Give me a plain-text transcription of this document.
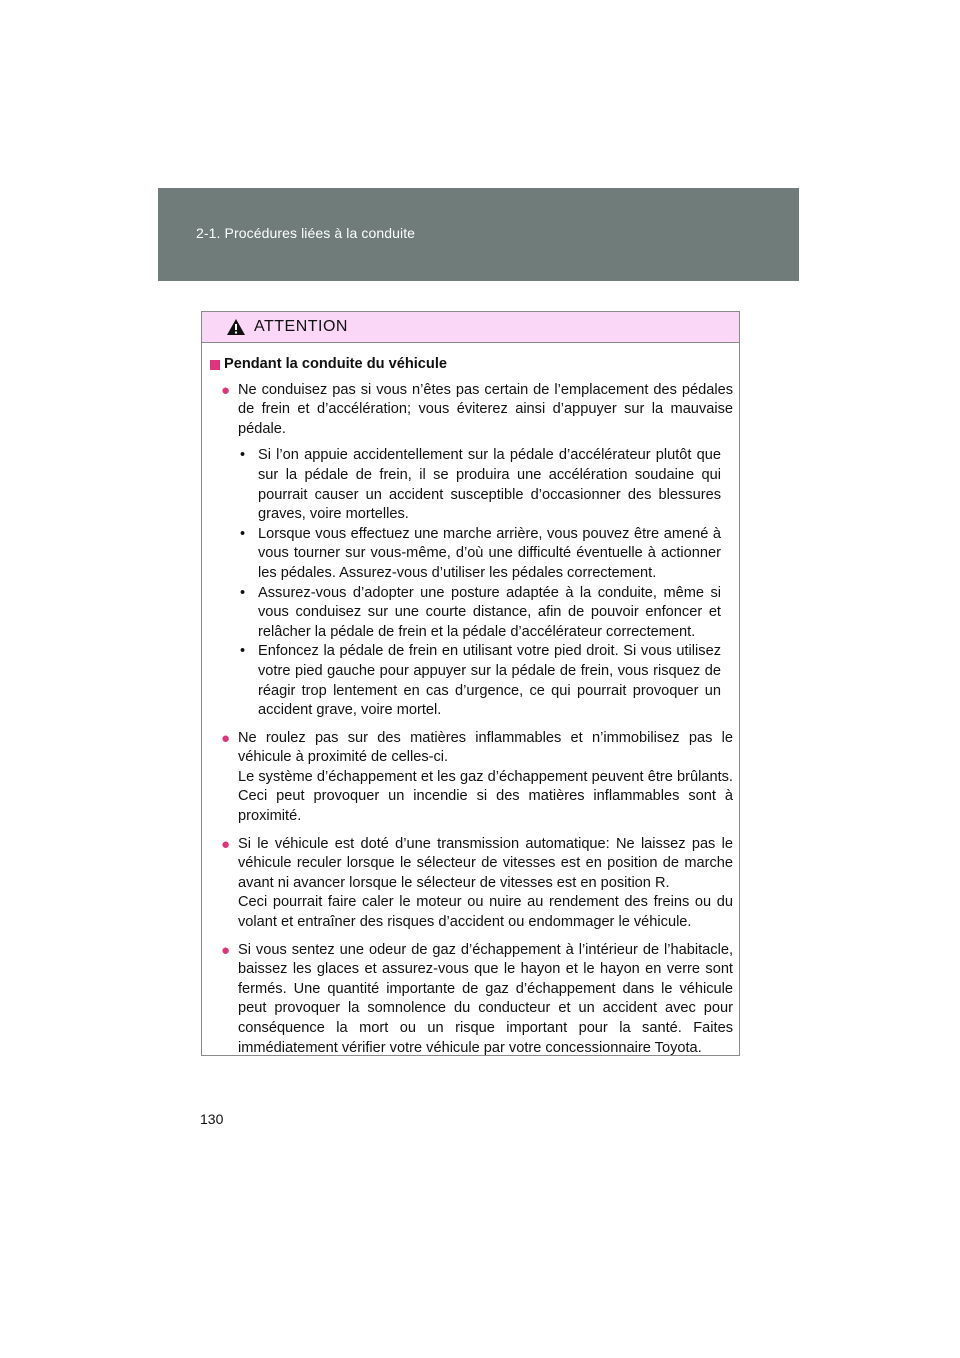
2-1. Procédures liées à la conduite
ATTENTION
Pendant la conduite du véhicule
● Ne conduisez pas si vous n’êtes pas certain de l’emplacement des pédales de frein et d’accélération; vous éviterez ainsi d’appuyer sur la mauvaise pédale.
• Si l’on appuie accidentellement sur la pédale d’accélérateur plutôt que sur la pédale de frein, il se produira une accélération soudaine qui pourrait causer un accident susceptible d’occasionner des blessures graves, voire mortelles.
• Lorsque vous effectuez une marche arrière, vous pouvez être amené à vous tourner sur vous-même, d’où une difficulté éventuelle à actionner les pédales. Assurez-vous d’utiliser les pédales correctement.
• Assurez-vous d’adopter une posture adaptée à la conduite, même si vous conduisez sur une courte distance, afin de pouvoir enfoncer et relâcher la pédale de frein et la pédale d’accélérateur correctement.
• Enfoncez la pédale de frein en utilisant votre pied droit. Si vous utilisez votre pied gauche pour appuyer sur la pédale de frein, vous risquez de réagir trop lentement en cas d’urgence, ce qui pourrait provoquer un accident grave, voire mortel.
● Ne roulez pas sur des matières inflammables et n’immobilisez pas le véhicule à proximité de celles-ci.
Le système d’échappement et les gaz d’échappement peuvent être brûlants. Ceci peut provoquer un incendie si des matières inflammables sont à proximité.
● Si le véhicule est doté d’une transmission automatique: Ne laissez pas le véhicule reculer lorsque le sélecteur de vitesses est en position de marche avant ni avancer lorsque le sélecteur de vitesses est en position R.
Ceci pourrait faire caler le moteur ou nuire au rendement des freins ou du volant et entraîner des risques d’accident ou endommager le véhicule.
● Si vous sentez une odeur de gaz d’échappement à l’intérieur de l’habitacle, baissez les glaces et assurez-vous que le hayon et le hayon en verre sont fermés. Une quantité importante de gaz d’échappement dans le véhicule peut provoquer la somnolence du conducteur et un accident avec pour conséquence la mort ou un risque important pour la santé. Faites immédiatement vérifier votre véhicule par votre concessionnaire Toyota.
130
